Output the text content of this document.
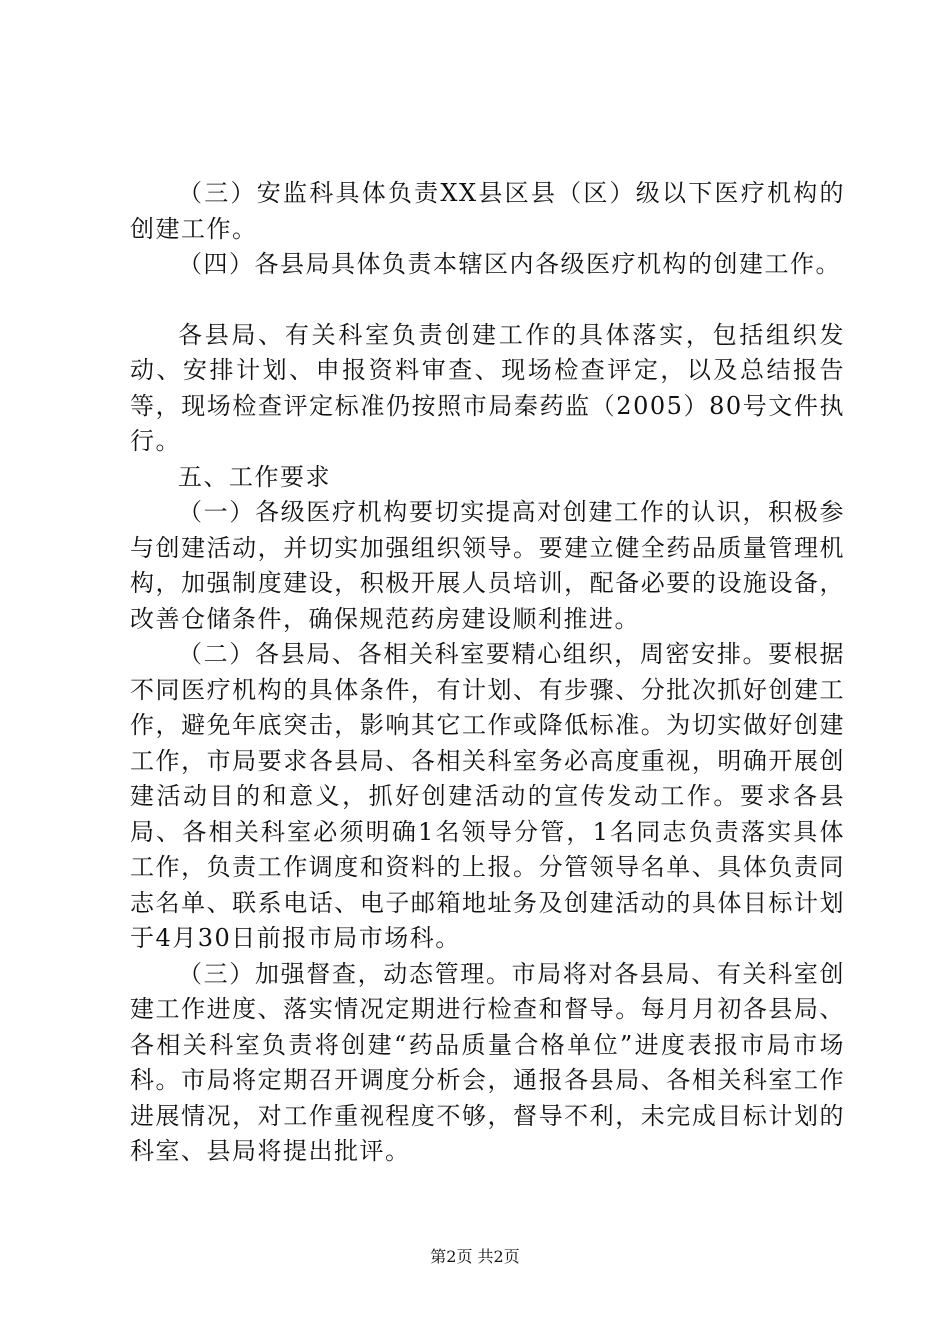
（三）安监科具体负责XX县区县（区）级以下医疗机构的创建工作。

（四）各县局具体负责本辖区内各级医疗机构的创建工作。

各县局、有关科室负责创建工作的具体落实，包括组织发动、安排计划、申报资料审查、现场检查评定，以及总结报告等，现场检查评定标准仍按照市局秦药监（2005）80号文件执行。

五、工作要求

（一）各级医疗机构要切实提高对创建工作的认识，积极参与创建活动，并切实加强组织领导。要建立健全药品质量管理机构，加强制度建设，积极开展人员培训，配备必要的设施设备，改善仓储条件，确保规范药房建设顺利推进。

（二）各县局、各相关科室要精心组织，周密安排。要根据不同医疗机构的具体条件，有计划、有步骤、分批次抓好创建工作，避免年底突击，影响其它工作或降低标准。为切实做好创建工作，市局要求各县局、各相关科室务必高度重视，明确开展创建活动目的和意义，抓好创建活动的宣传发动工作。要求各县局、各相关科室必须明确1名领导分管，1名同志负责落实具体工作，负责工作调度和资料的上报。分管领导名单、具体负责同志名单、联系电话、电子邮箱地址务及创建活动的具体目标计划于4月30日前报市局市场科。

（三）加强督查，动态管理。市局将对各县局、有关科室创建工作进度、落实情况定期进行检查和督导。每月月初各县局、各相关科室负责将创建“药品质量合格单位”进度表报市局市场科。市局将定期召开调度分析会，通报各县局、各相关科室工作进展情况，对工作重视程度不够，督导不利，未完成目标计划的科室、县局将提出批评。

第2页 共2页
